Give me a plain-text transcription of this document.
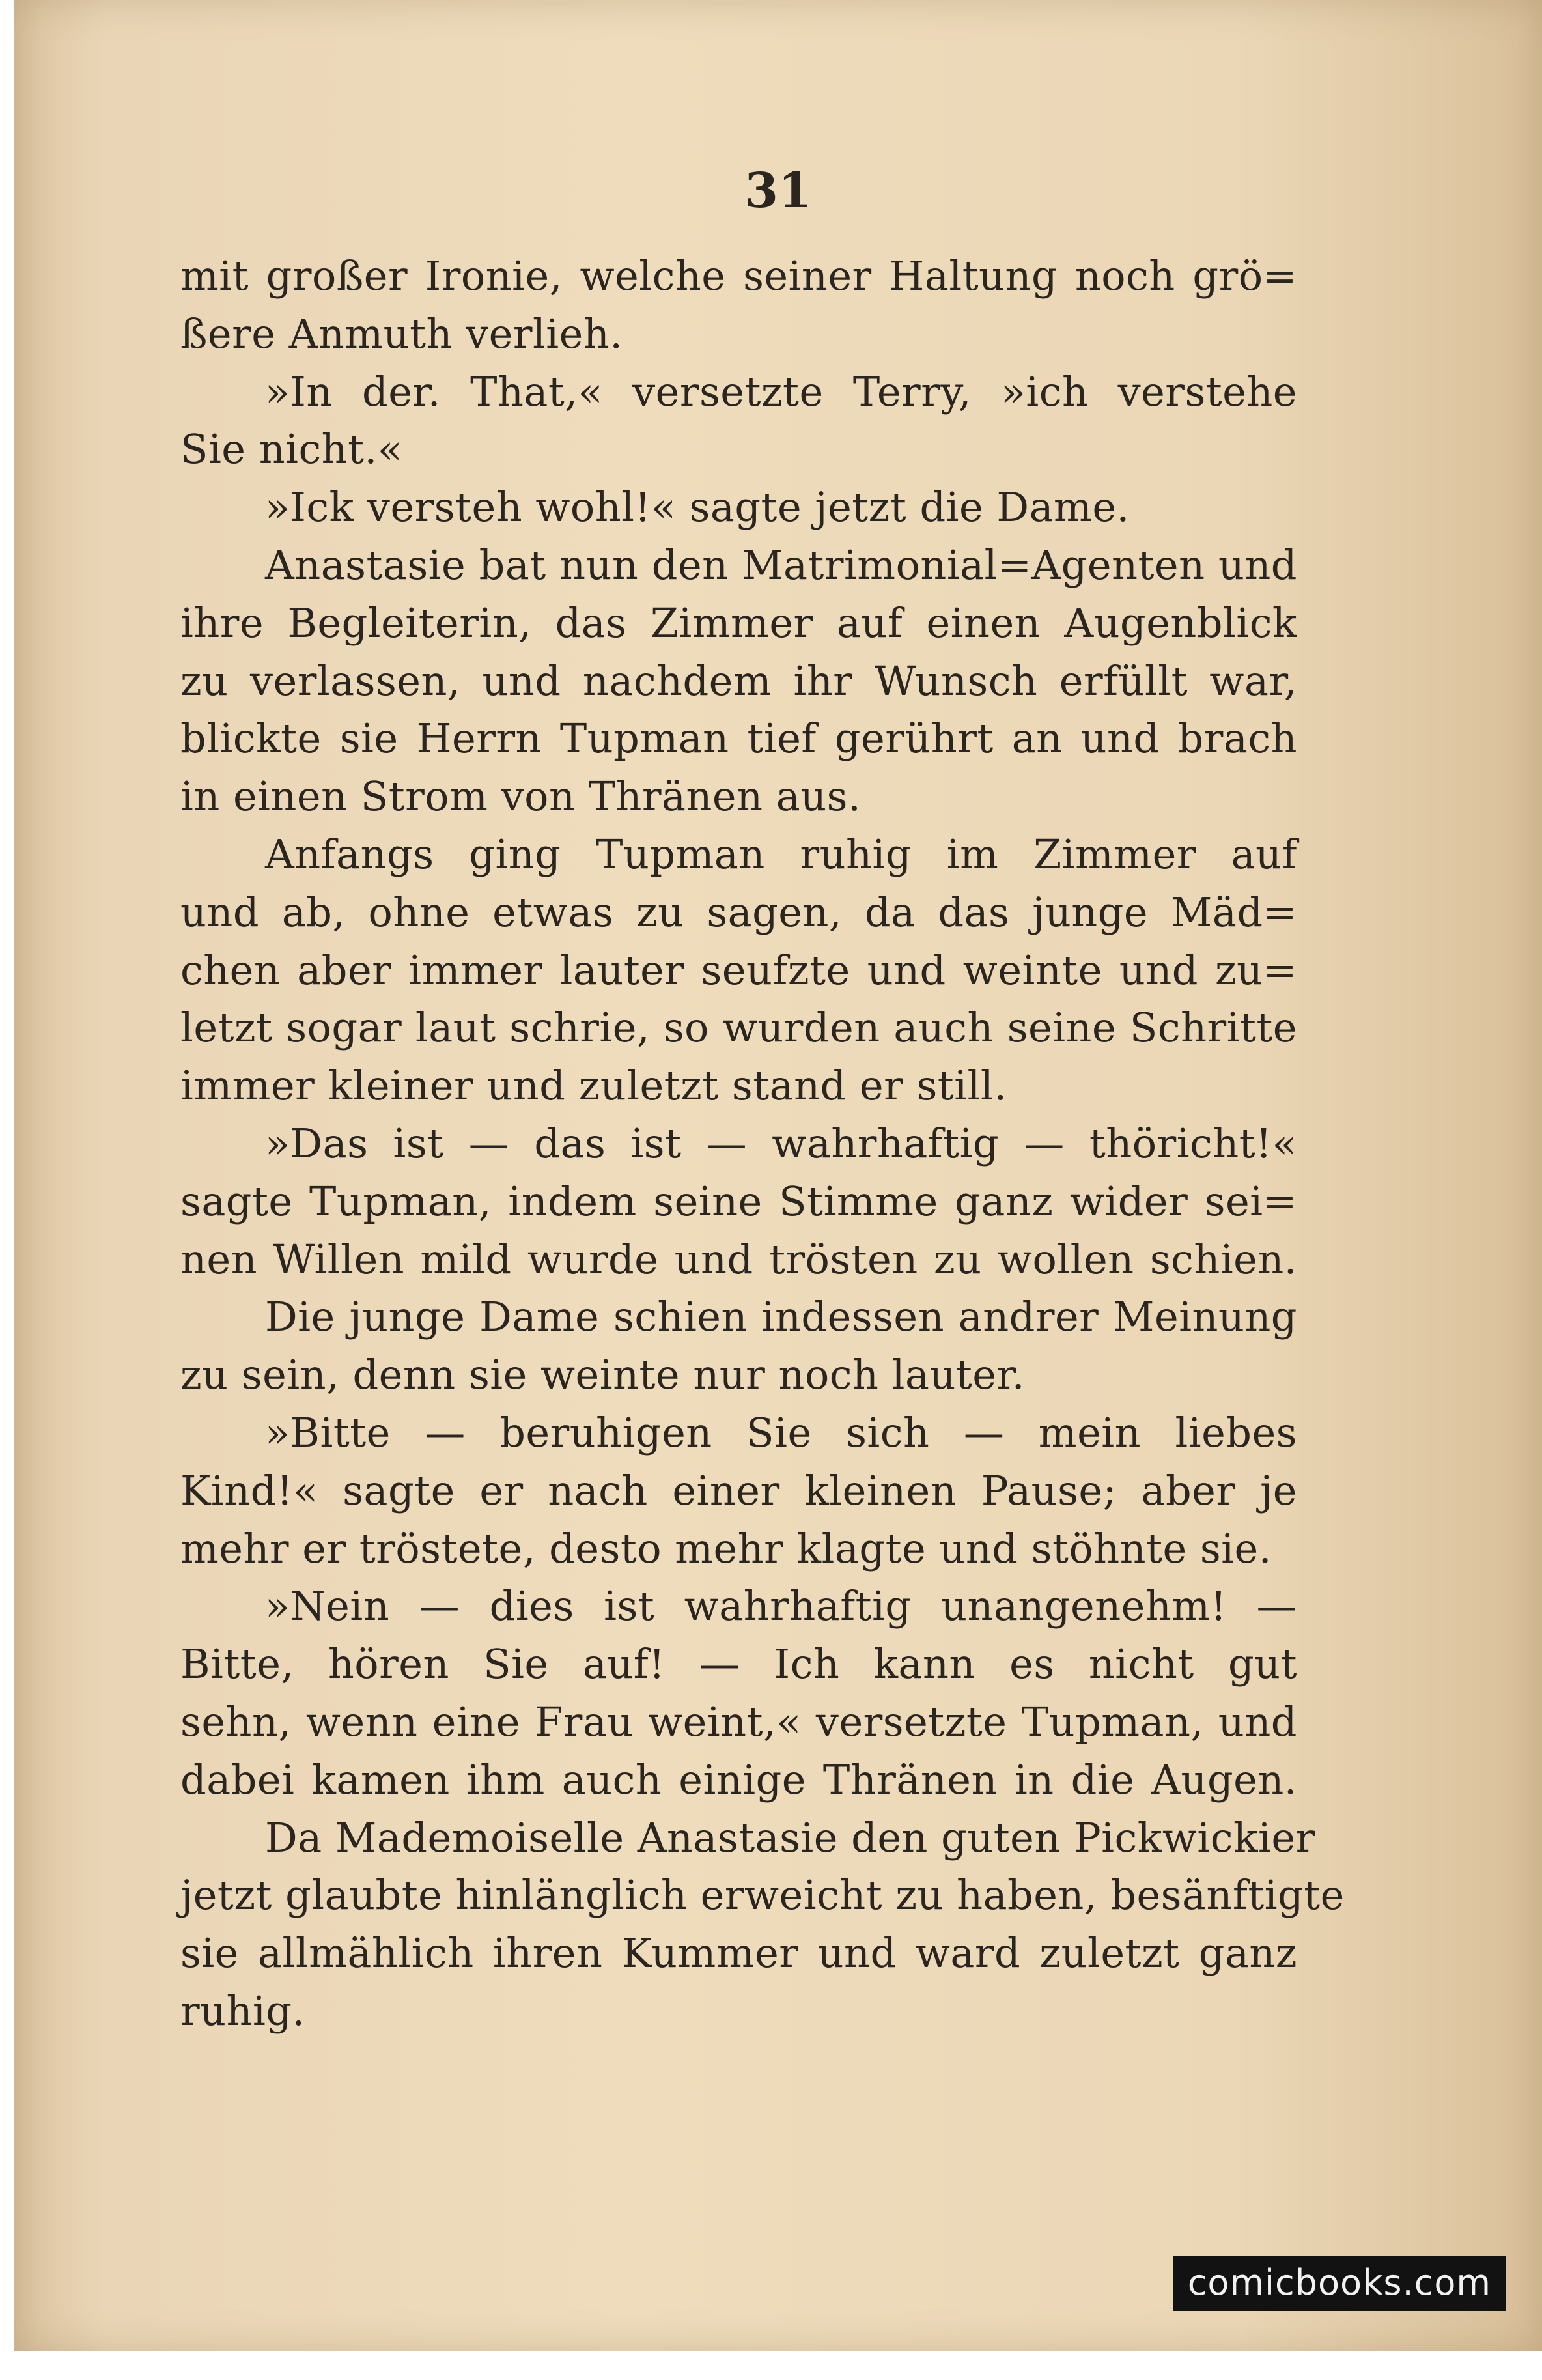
31

mit großer Ironie, welche seiner Haltung noch grö=
ßere Anmuth verlieh.
»In der. That,« versetzte Terry, »ich verstehe
Sie nicht.«
»Ick versteh wohl!« sagte jetzt die Dame.
Anastasie bat nun den Matrimonial=Agenten und
ihre Begleiterin, das Zimmer auf einen Augenblick
zu verlassen, und nachdem ihr Wunsch erfüllt war,
blickte sie Herrn Tupman tief gerührt an und brach
in einen Strom von Thränen aus.
Anfangs ging Tupman ruhig im Zimmer auf
und ab, ohne etwas zu sagen, da das junge Mäd=
chen aber immer lauter seufzte und weinte und zu=
letzt sogar laut schrie, so wurden auch seine Schritte
immer kleiner und zuletzt stand er still.
»Das ist — das ist — wahrhaftig — thöricht!«
sagte Tupman, indem seine Stimme ganz wider sei=
nen Willen mild wurde und trösten zu wollen schien.
Die junge Dame schien indessen andrer Meinung
zu sein, denn sie weinte nur noch lauter.
»Bitte — beruhigen Sie sich — mein liebes
Kind!« sagte er nach einer kleinen Pause; aber je
mehr er tröstete, desto mehr klagte und stöhnte sie.
»Nein — dies ist wahrhaftig unangenehm! —
Bitte, hören Sie auf! — Ich kann es nicht gut
sehn, wenn eine Frau weint,« versetzte Tupman, und
dabei kamen ihm auch einige Thränen in die Augen.
Da Mademoiselle Anastasie den guten Pickwickier
jetzt glaubte hinlänglich erweicht zu haben, besänftigte
sie allmählich ihren Kummer und ward zuletzt ganz
ruhig.
comicbooks.com
